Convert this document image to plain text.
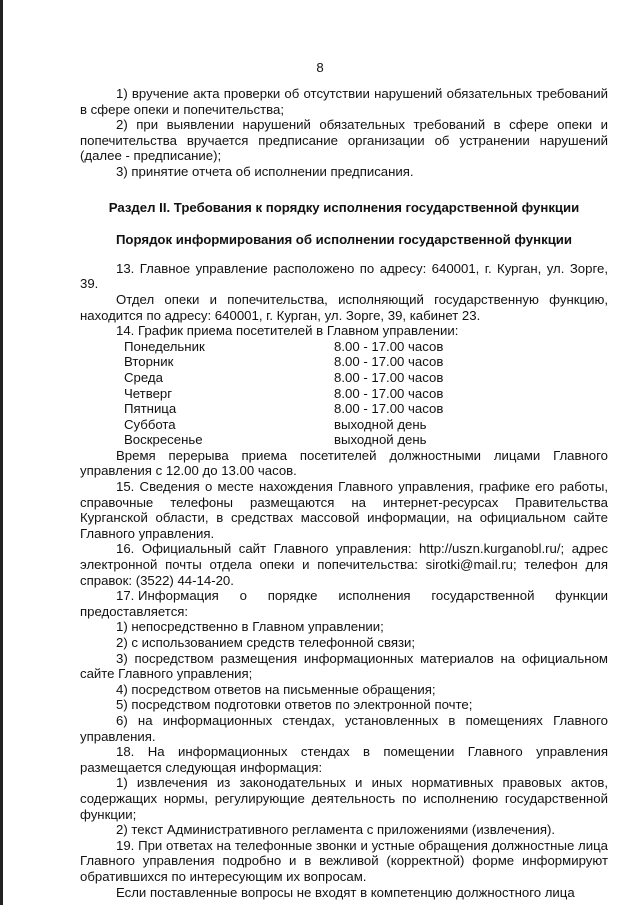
8

1) вручение акта проверки об отсутствии нарушений обязательных требований в сфере опеки и попечительства;

2) при выявлении нарушений обязательных требований в сфере опеки и попечительства вручается предписание организации об устранении нарушений (далее - предписание);

3) принятие отчета об исполнении предписания.

Раздел II. Требования к порядку исполнения государственной функции
Порядок информирования об исполнении государственной функции

13. Главное управление расположено по адресу: 640001, г. Курган, ул. Зорге, 39.

Отдел опеки и попечительства, исполняющий государственную функцию, находится по адресу: 640001, г. Курган, ул. Зорге, 39, кабинет 23.

14. График приема посетителей в Главном управлении:

Понедельник	8.00 - 17.00 часов
Вторник	8.00 - 17.00 часов
Среда	8.00 - 17.00 часов
Четверг	8.00 - 17.00 часов
Пятница	8.00 - 17.00 часов
Суббота	выходной день
Воскресенье	выходной день

Время перерыва приема посетителей должностными лицами Главного управления с 12.00 до 13.00 часов.

15. Сведения о месте нахождения Главного управления, графике его работы, справочные телефоны размещаются на интернет-ресурсах Правительства Курганской области, в средствах массовой информации, на официальном сайте Главного управления.

16. Официальный сайт Главного управления: http://uszn.kurganobl.ru/; адрес электронной почты отдела опеки и попечительства: sirotki@mail.ru; телефон для справок: (3522) 44-14-20.

17. Информация о порядке исполнения государственной функции

предоставляется:

1) непосредственно в Главном управлении;

2) с использованием средств телефонной связи;

3) посредством размещения информационных материалов на официальном сайте Главного управления;

4) посредством ответов на письменные обращения;

5) посредством подготовки ответов по электронной почте;

6) на информационных стендах, установленных в помещениях Главного управления.

18. На информационных стендах в помещении Главного управления размещается следующая информация:

1) извлечения из законодательных и иных нормативных правовых актов, содержащих нормы, регулирующие деятельность по исполнению государственной функции;

2) текст Административного регламента с приложениями (извлечения).

19. При ответах на телефонные звонки и устные обращения должностные лица Главного управления подробно и в вежливой (корректной) форме информируют обратившихся по интересующим их вопросам.

Если поставленные вопросы не входят в компетенцию должностного лица
